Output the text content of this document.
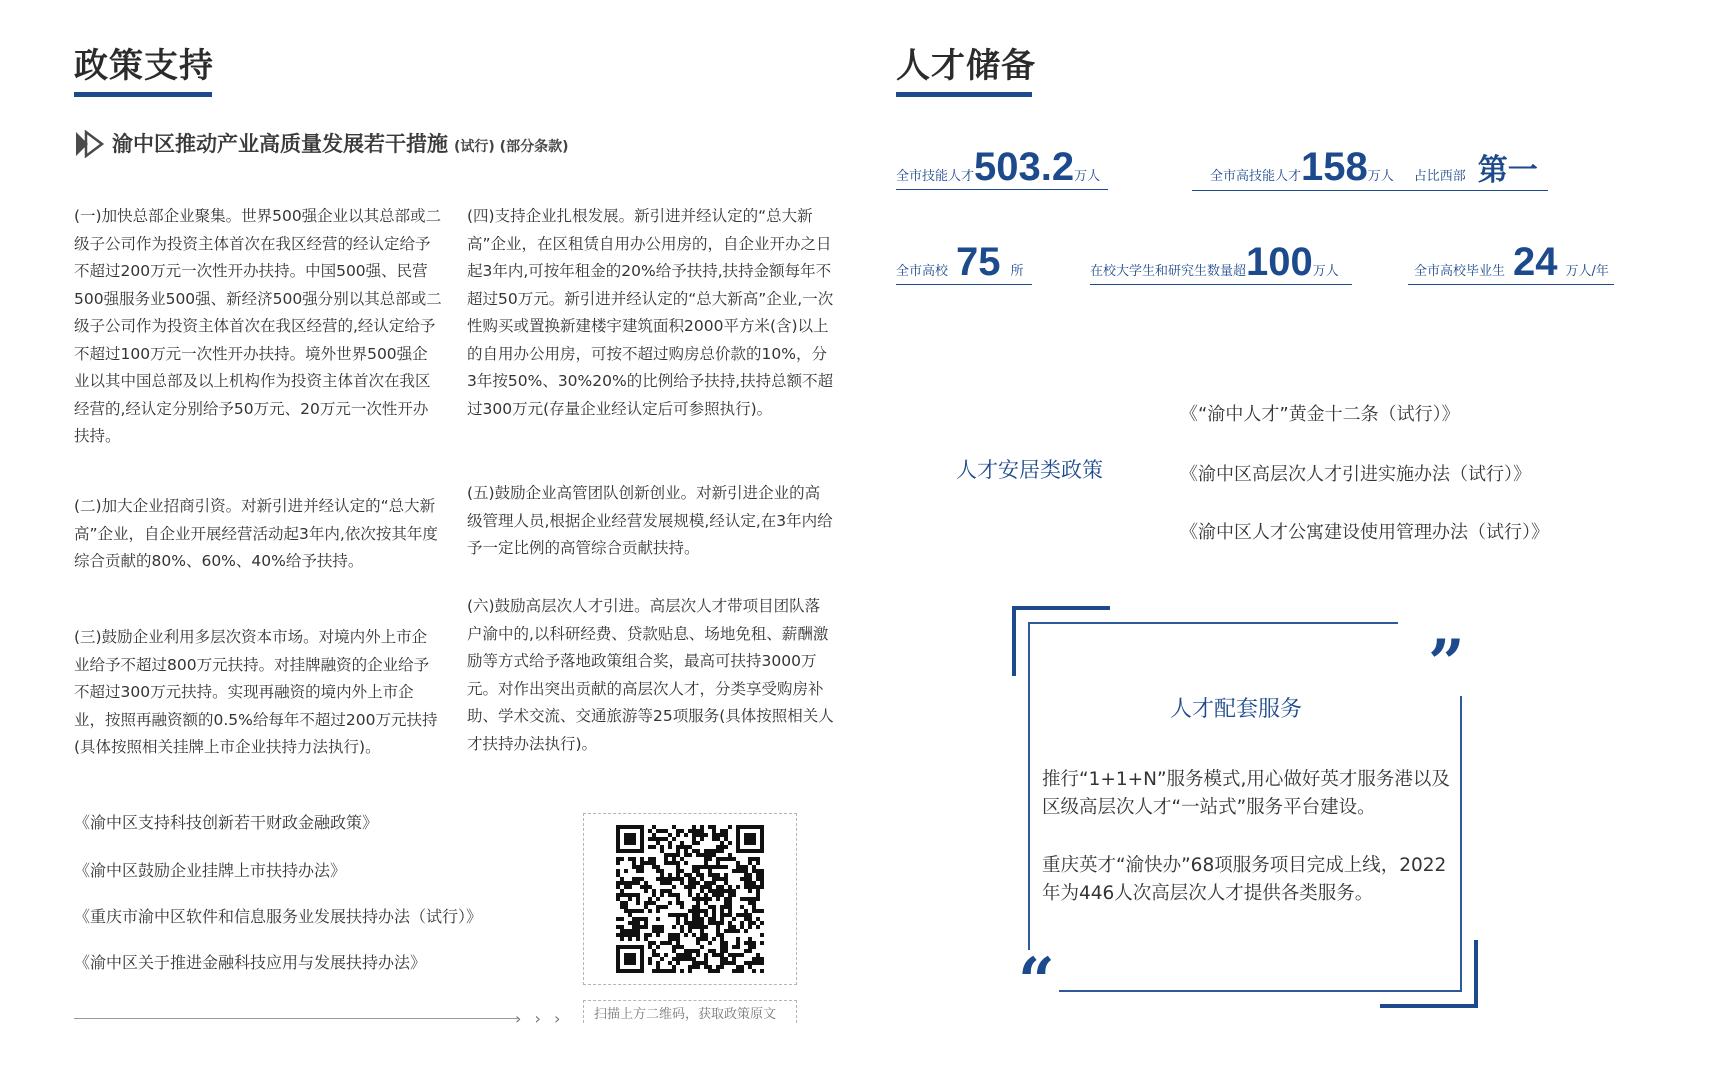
政策支持
渝中区推动产业高质量发展若干措施 (试行) (部分条款)
(一)加快总部企业聚集。世界500强企业以其总部或二级子公司作为投资主体首次在我区经营的经认定给予不超过200万元一次性开办扶持。中国500强、民营500强服务业500强、新经济500强分别以其总部或二级子公司作为投资主体首次在我区经营的,经认定给予不超过100万元一次性开办扶持。境外世界500强企业以其中国总部及以上机构作为投资主体首次在我区经营的,经认定分别给予50万元、20万元一次性开办扶持。
(二)加大企业招商引资。对新引进并经认定的“总大新高”企业，自企业开展经营活动起3年内,依次按其年度综合贡献的80%、60%、40%给予扶持。
(三)鼓励企业利用多层次资本市场。对境内外上市企业给予不超过800万元扶持。对挂牌融资的企业给予不超过300万元扶持。实现再融资的境内外上市企业，按照再融资额的0.5%给每年不超过200万元扶持(具体按照相关挂牌上市企业扶持力法执行)。
(四)支持企业扎根发展。新引进并经认定的“总大新高”企业，在区租赁自用办公用房的，自企业开办之日起3年内,可按年租金的20%给予扶持,扶持金额每年不超过50万元。新引进并经认定的“总大新高”企业,一次性购买或置换新建楼宇建筑面积2000平方米(含)以上的自用办公用房，可按不超过购房总价款的10%，分3年按50%、30%20%的比例给予扶持,扶持总额不超过300万元(存量企业经认定后可参照执行)。
(五)鼓励企业高管团队创新创业。对新引进企业的高级管理人员,根据企业经营发展规模,经认定,在3年内给予一定比例的高管综合贡献扶持。
(六)鼓励高层次人才引进。高层次人才带项目团队落户渝中的,以科研经费、贷款贴息、场地免租、薪酬激励等方式给予落地政策组合奖，最高可扶持3000万元。对作出突出贡献的高层次人才，分类享受购房补助、学术交流、交通旅游等25项服务(具体按照相关人才扶持办法执行)。
《渝中区支持科技创新若干财政金融政策》
《渝中区鼓励企业挂牌上市扶持办法》
《重庆市渝中区软件和信息服务业发展扶持办法（试行）》
《渝中区关于推进金融科技应用与发展扶持办法》
› › › 扫描上方二维码，获取政策原文
人才储备
全市技能人才 503.2 万人	全市高技能人才 158 万人 占比西部 第一
全市高校 75 所	在校大学生和研究生数量超 100 万人	全市高校毕业生 24 万人/年
人才安居类政策
《“渝中人才”黄金十二条（试行）》
《渝中区高层次人才引进实施办法（试行）》
《渝中区人才公寓建设使用管理办法（试行）》
”
“
人才配套服务
推行“1+1+N”服务模式,用心做好英才服务港以及区级高层次人才“一站式”服务平台建设。
重庆英才“渝快办”68项服务项目完成上线，2022年为446人次高层次人才提供各类服务。
